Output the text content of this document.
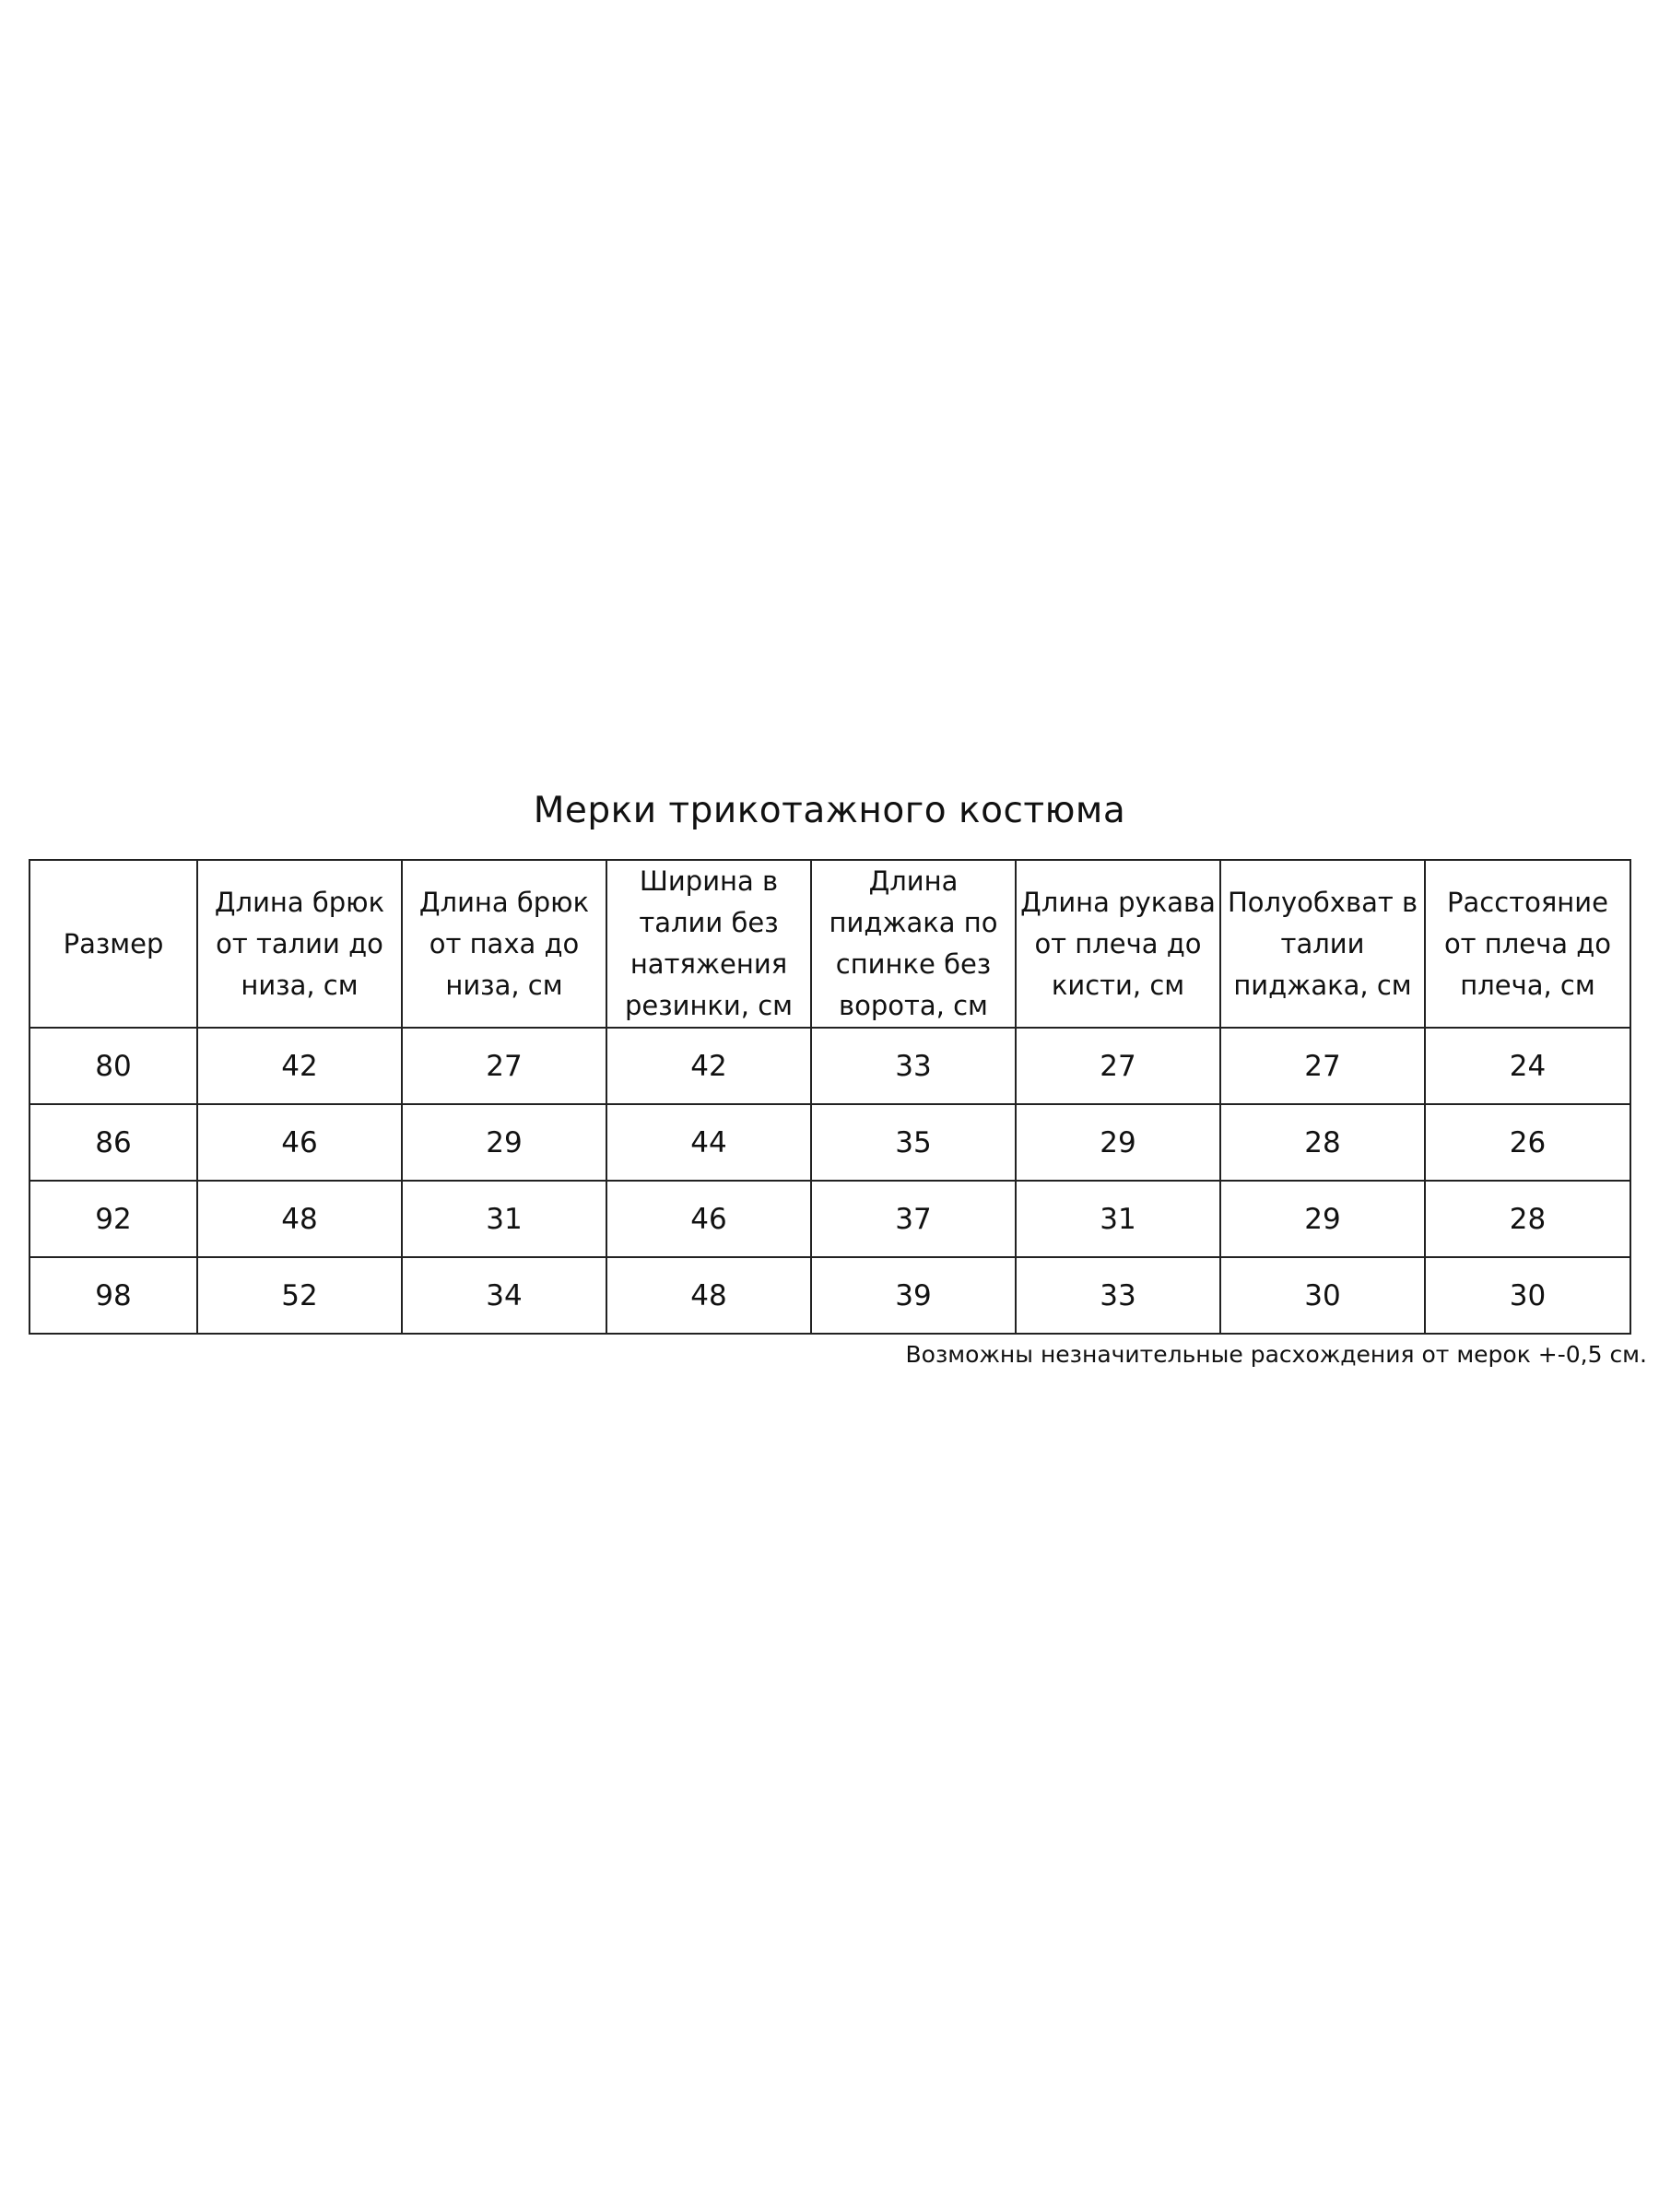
Мерки трикотажного костюма
Размер	Длина брюк от талии до низа, см	Длина брюк от паха до низа, см	Ширина в талии без натяжения резинки, см	Длина пиджака по спинке без ворота, см	Длина рукава от плеча до кисти, см	Полуобхват в талии пиджака, см	Расстояние от плеча до плеча, см
80	42	27	42	33	27	27	24
86	46	29	44	35	29	28	26
92	48	31	46	37	31	29	28
98	52	34	48	39	33	30	30
Возможны незначительные расхождения от мерок +-0,5 см.
